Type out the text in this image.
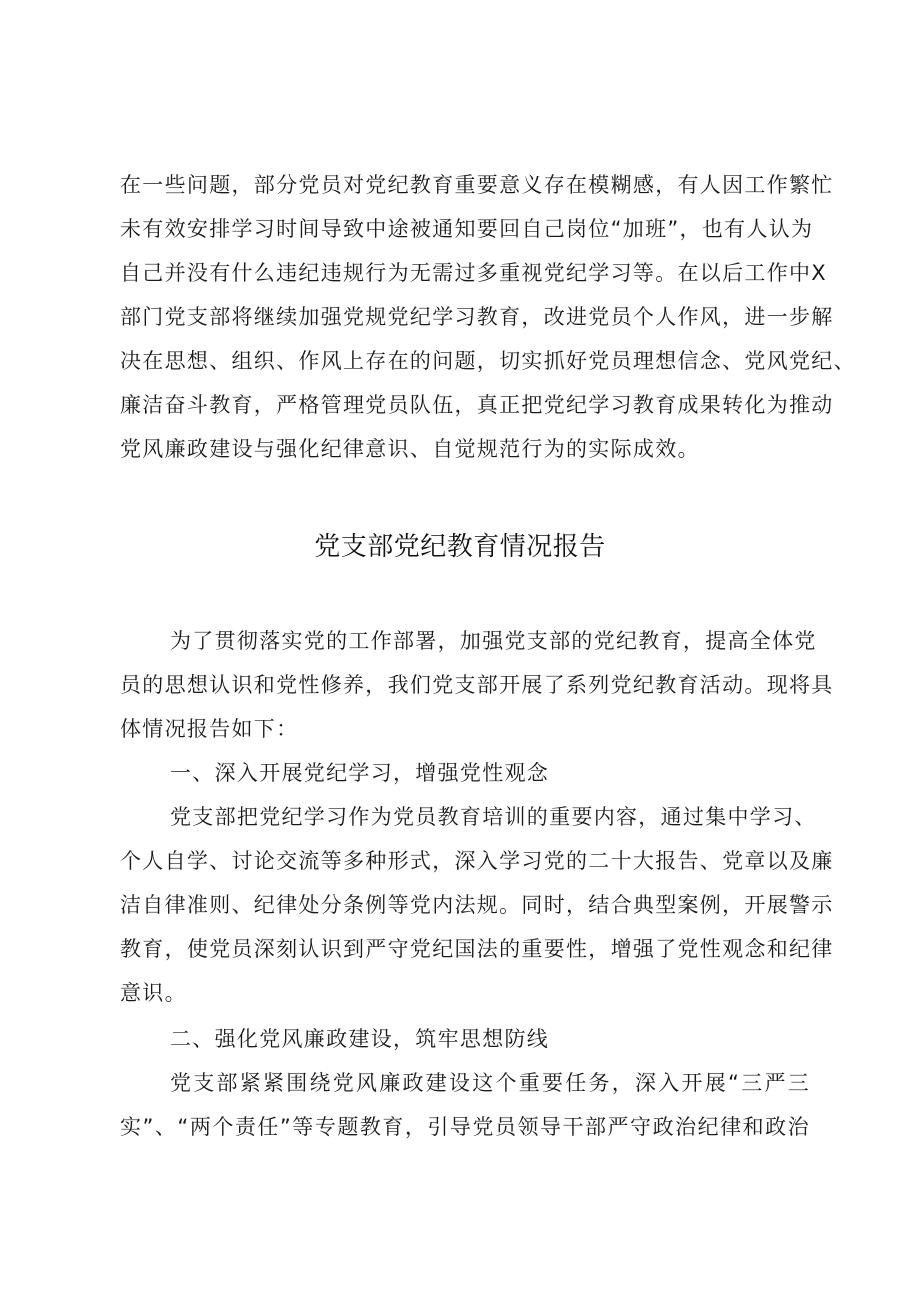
在一些问题，部分党员对党纪教育重要意义存在模糊感，有人因工作繁忙
未有效安排学习时间导致中途被通知要回自己岗位“加班”，也有人认为
自己并没有什么违纪违规行为无需过多重视党纪学习等。在以后工作中X
部门党支部将继续加强党规党纪学习教育，改进党员个人作风，进一步解
决在思想、组织、作风上存在的问题，切实抓好党员理想信念、党风党纪、
廉洁奋斗教育，严格管理党员队伍，真正把党纪学习教育成果转化为推动
党风廉政建设与强化纪律意识、自觉规范行为的实际成效。
党支部党纪教育情况报告
为了贯彻落实党的工作部署，加强党支部的党纪教育，提高全体党
员的思想认识和党性修养，我们党支部开展了系列党纪教育活动。现将具
体情况报告如下：
一、深入开展党纪学习，增强党性观念
党支部把党纪学习作为党员教育培训的重要内容，通过集中学习、
个人自学、讨论交流等多种形式，深入学习党的二十大报告、党章以及廉
洁自律准则、纪律处分条例等党内法规。同时，结合典型案例，开展警示
教育，使党员深刻认识到严守党纪国法的重要性，增强了党性观念和纪律
意识。
二、强化党风廉政建设，筑牢思想防线
党支部紧紧围绕党风廉政建设这个重要任务，深入开展“三严三
实”、“两个责任”等专题教育，引导党员领导干部严守政治纪律和政治
